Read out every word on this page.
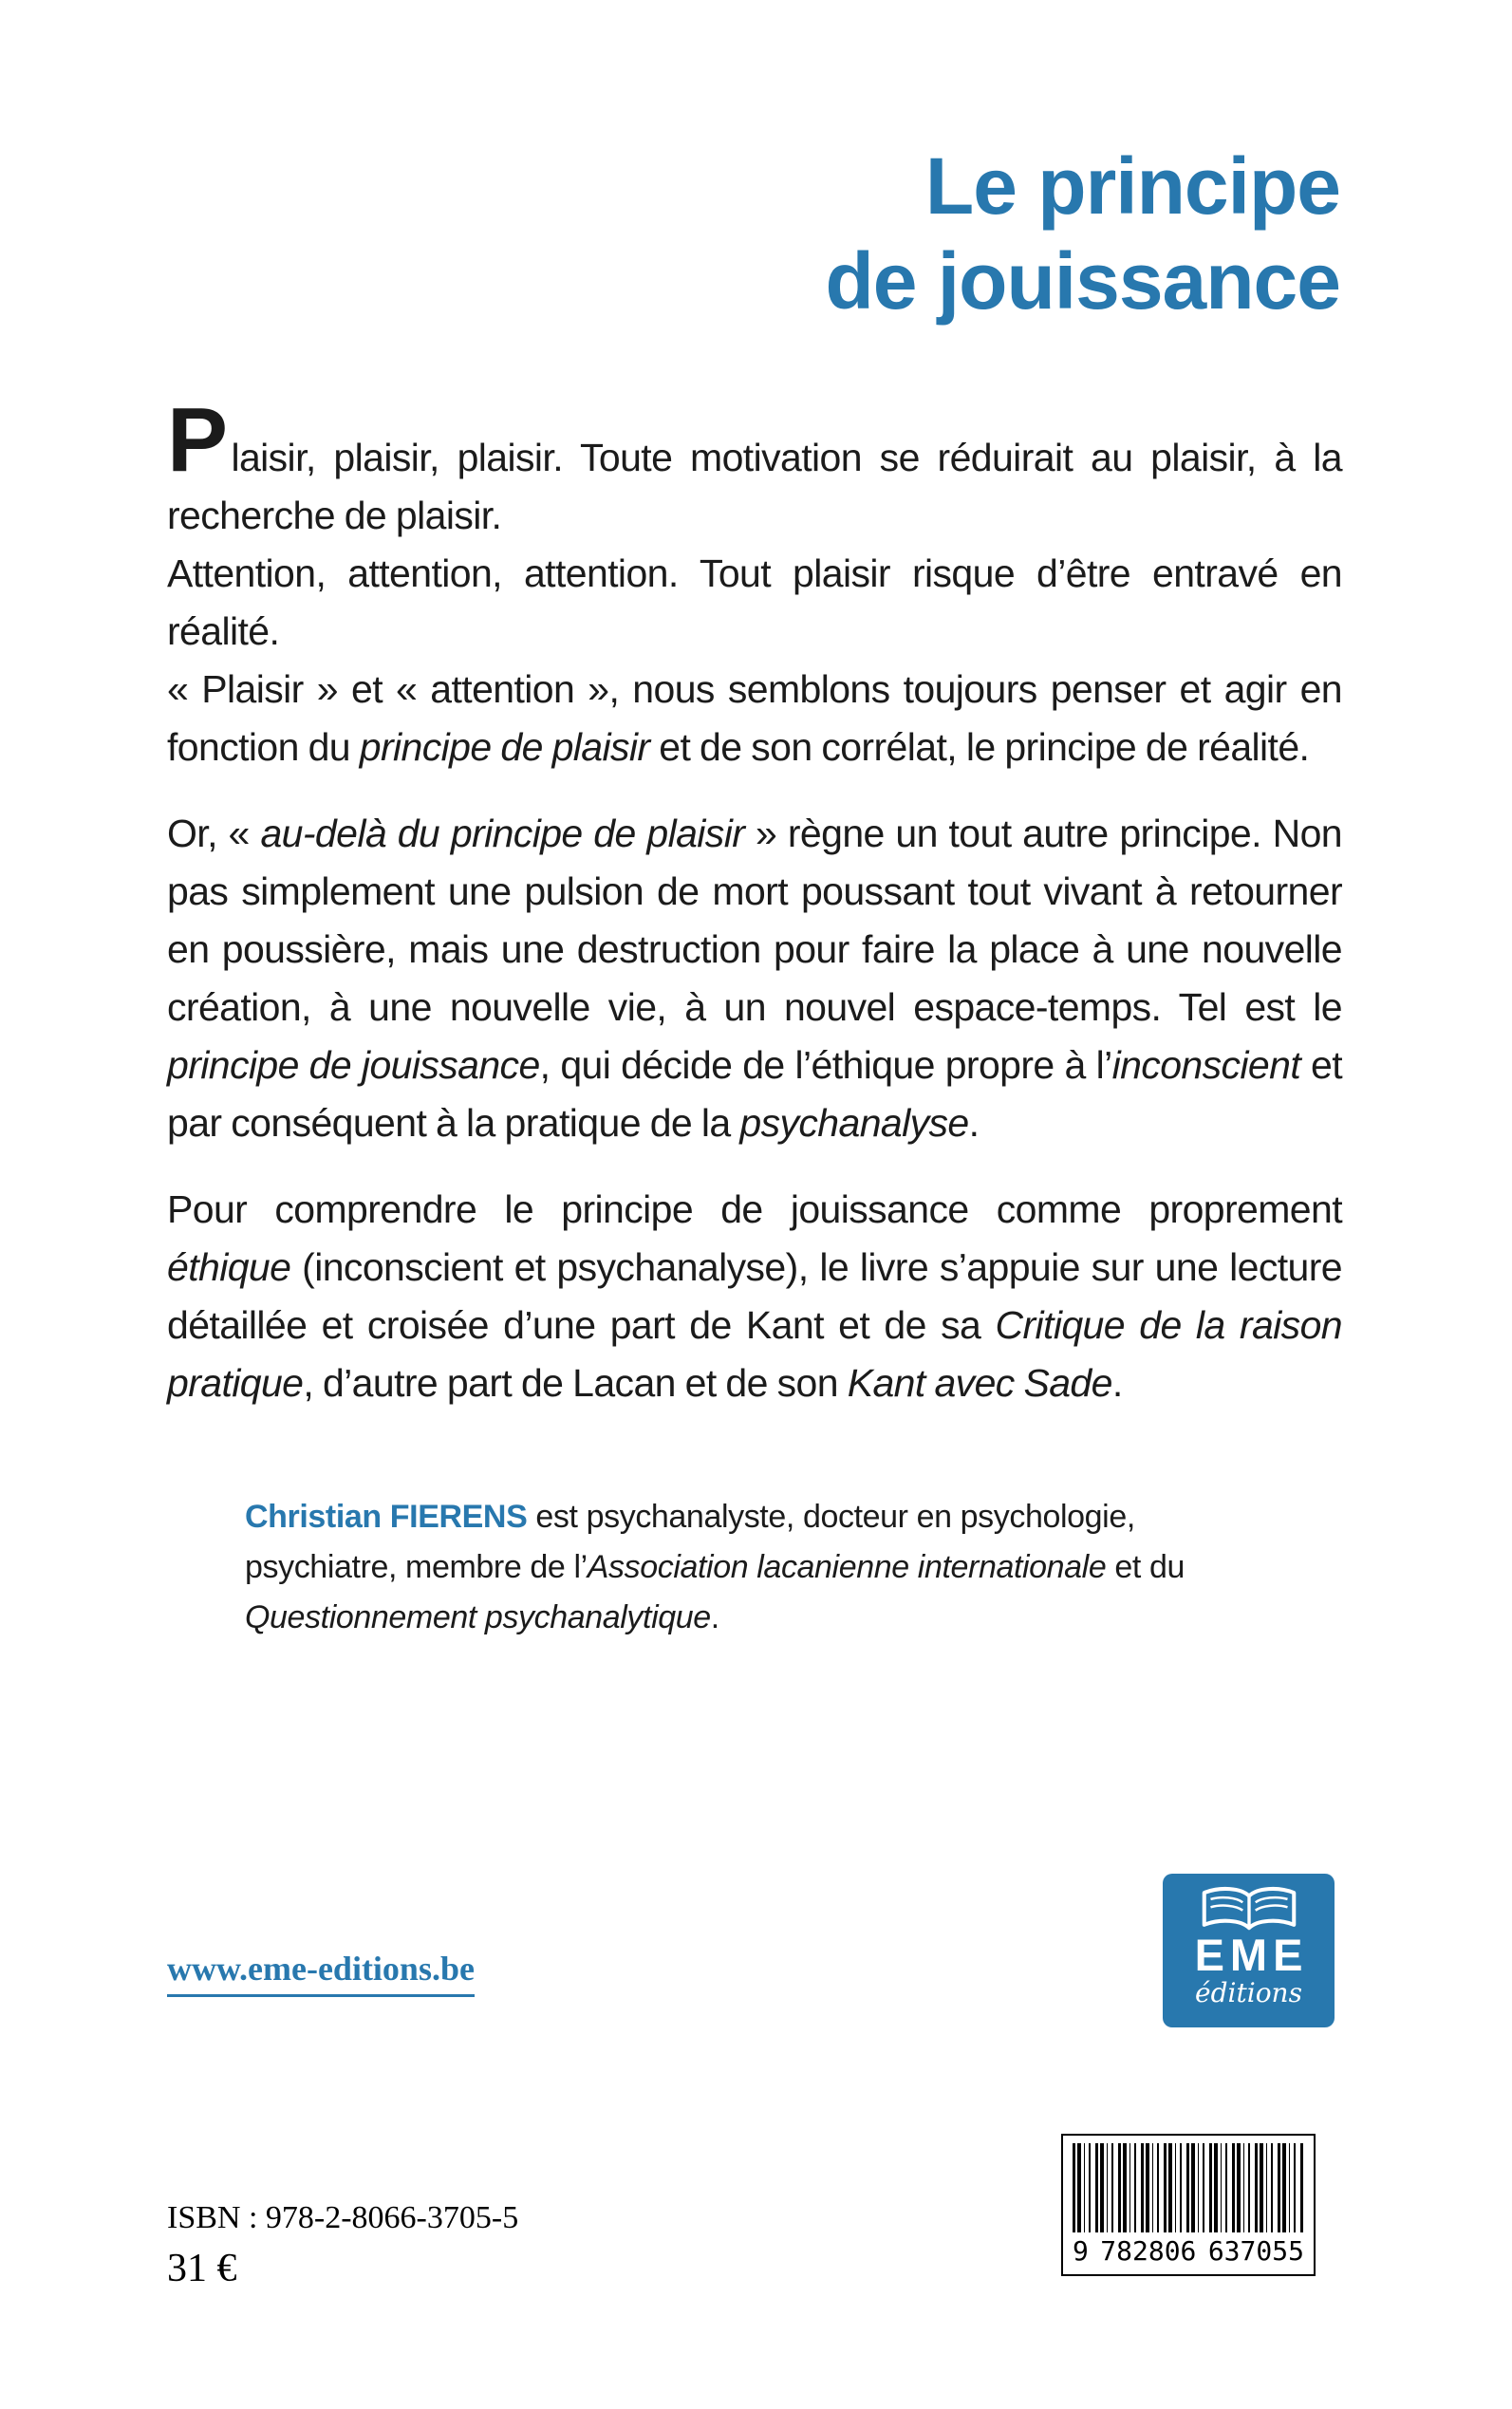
Le principe
de jouissance

Plaisir, plaisir, plaisir. Toute motivation se réduirait au plaisir, à la recherche de plaisir.

Attention, attention, attention. Tout plaisir risque d’être entravé en réalité.

« Plaisir » et « attention », nous semblons toujours penser et agir en fonction du principe de plaisir et de son corrélat, le principe de réalité.

Or, « au-delà du principe de plaisir » règne un tout autre principe. Non pas simplement une pulsion de mort poussant tout vivant à retourner en poussière, mais une destruction pour faire la place à une nouvelle création, à une nouvelle vie, à un nouvel espace-temps. Tel est le principe de jouissance, qui décide de l’éthique propre à l’inconscient et par conséquent à la pratique de la psychanalyse.

Pour comprendre le principe de jouissance comme proprement éthique (inconscient et psychanalyse), le livre s’appuie sur une lecture détaillée et croisée d’une part de Kant et de sa Critique de la raison pratique, d’autre part de Lacan et de son Kant avec Sade.

Christian FIERENS est psychanalyste, docteur en psychologie, psychiatre, membre de l’Association lacanienne internationale et du Questionnement psychanalytique.
www.eme-editions.be	EME
éditions
ISBN : 978-2-8066-3705-5
31 €	9 782806 637055
